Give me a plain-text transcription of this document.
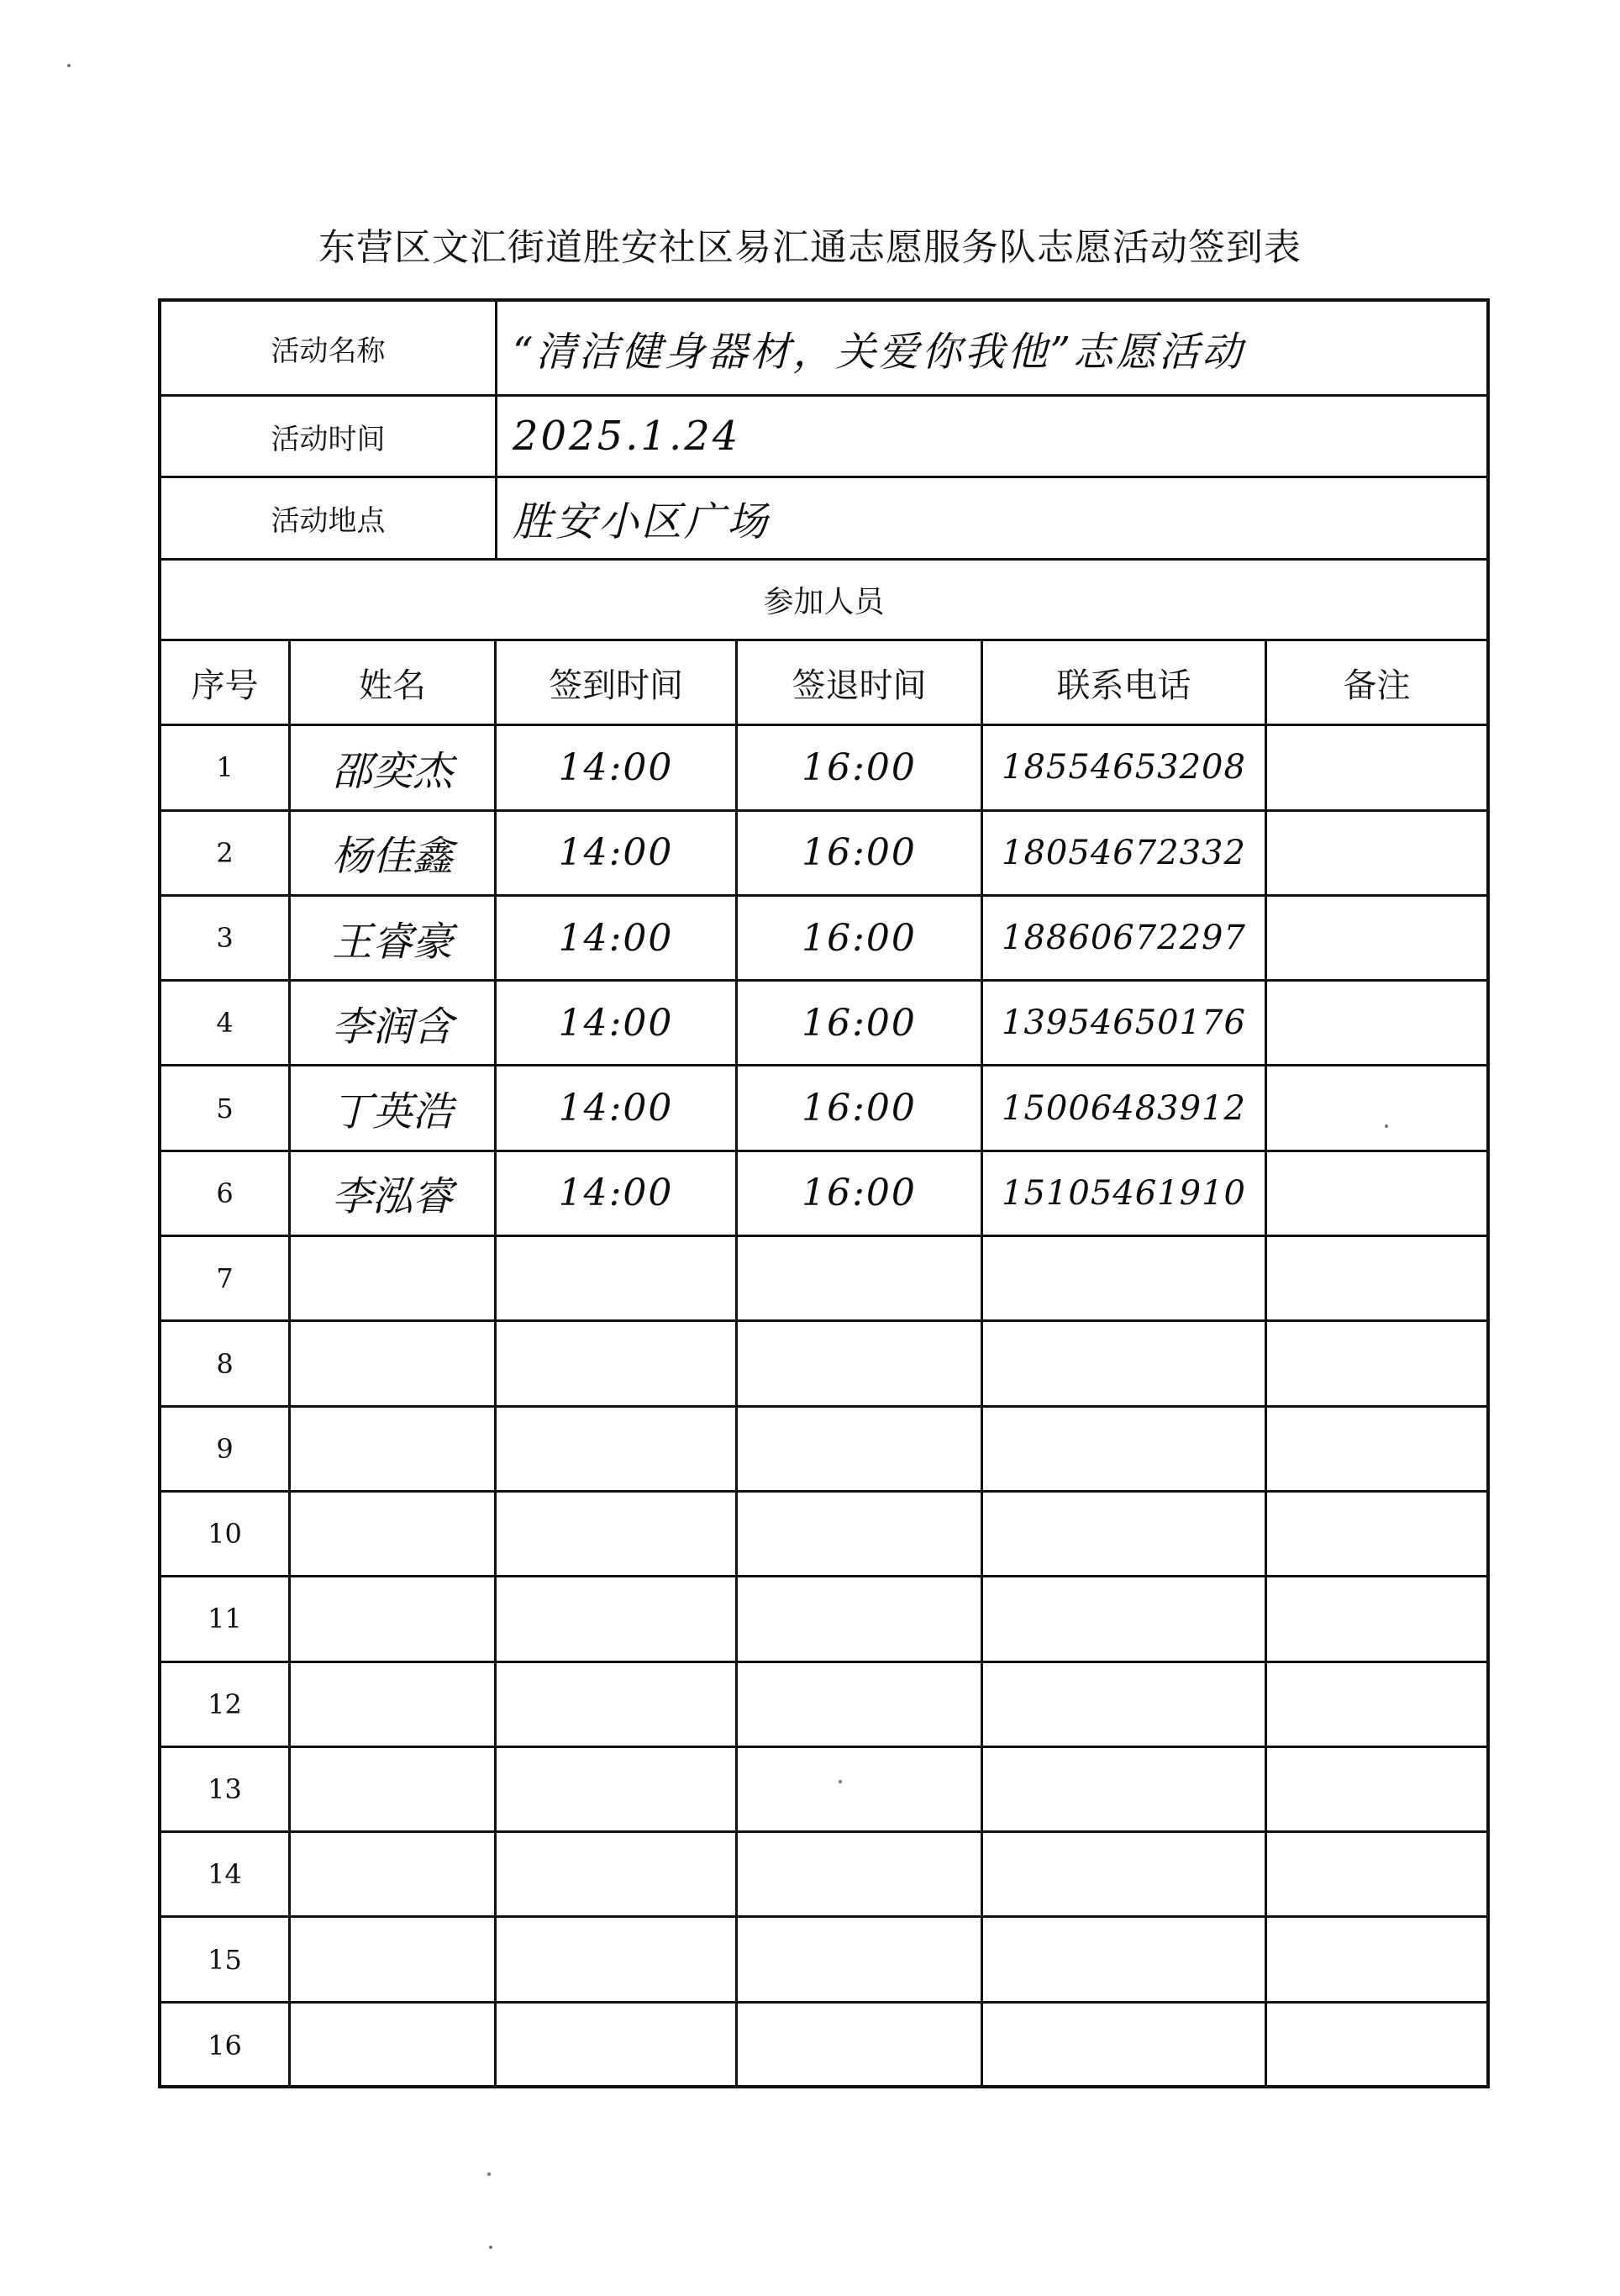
东营区文汇街道胜安社区易汇通志愿服务队志愿活动签到表
活动名称	“清洁健身器材，关爱你我他”志愿活动
活动时间	2025.1.24
活动地点	胜安小区广场
参加人员
序号	姓名	签到时间	签退时间	联系电话	备注
1	邵奕杰	14:00	16:00	18554653208
2	杨佳鑫	14:00	16:00	18054672332
3	王睿豪	14:00	16:00	18860672297
4	李润含	14:00	16:00	13954650176
5	丁英浩	14:00	16:00	15006483912
6	李泓睿	14:00	16:00	15105461910
7
8
9
10
11
12
13
14
15
16
